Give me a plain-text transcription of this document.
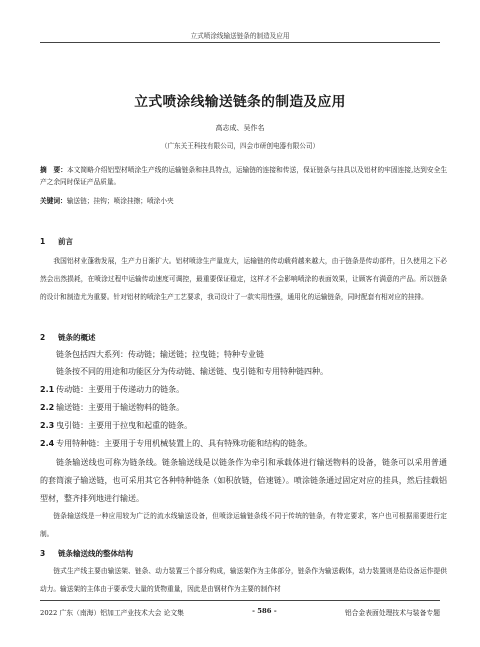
立式喷涂线输送链条的制造及应用
立式喷涂线输送链条的制造及应用
高志成、吴作名
（广东关王科技有限公司，四会市研创电器有限公司）
摘　要：本文简略介绍铝型材喷涂生产线的运输链条和挂具特点，运输链的连接和传送，保证链条与挂具以及铝材的牢固连接,达到安全生产之余同时保证产品质量。
关键词：输送链；挂钩；喷涂挂擦；喷涂小夹
1 前言
我国铝材业蓬勃发展，生产力日渐扩大。铝材喷涂生产量庞大，运输链的传动载荷越来越大，由于链条是传动部件，日久使用之下必然会出然损耗，在喷涂过程中运输传动速度可调控，最重要保证稳定，这样才不会影响喷涂的表面效果，让顾客有满意的产品。所以链条的设计和制造尤为重要。针对铝材的喷涂生产工艺要求，我司设计了一款实用性强，通用化的运输链条，同时配套有相对应的挂排。
2 链条的概述
链条包括四大系列：传动链；输送链；拉曳链；特种专业链
链条按不同的用途和功能区分为传动链、输送链、曳引链和专用特种链四种。
2.1 传动链：主要用于传递动力的链条。
2.2 输送链：主要用于输送物料的链条。
2.3 曳引链：主要用于拉曳和起重的链条。
2.4 专用特种链：主要用于专用机械装置上的、具有特殊功能和结构的链条。
链条输送线也可称为链条线。链条输送线是以链条作为牵引和承载体进行输送物料的设备，链条可以采用普通的套筒滚子输送链，也可采用其它各种特种链条（如积放链，倍速链）。喷涂链条通过固定对应的挂具，然后挂载铝型材，整齐排列地进行输送。
链条输送线是一种应用较为广泛的流水线输送设备，但喷涂运输链条线不同于传统的链条，有特定要求，客户也可根据需要进行定制。
3 链条输送线的整体结构
链式生产线主要由输送架、链条、动力装置三个部分构成，输送架作为主体部分，链条作为输送载体，动力装置则是给设备运作提供动力。输送架的主体由于要承受大量的货物重量，因此是由钢材作为主要的制作材
2022 广东（南海）铝加工产业技术大会 论文集	- 586 -	铝合金表面处理技术与装备专题
